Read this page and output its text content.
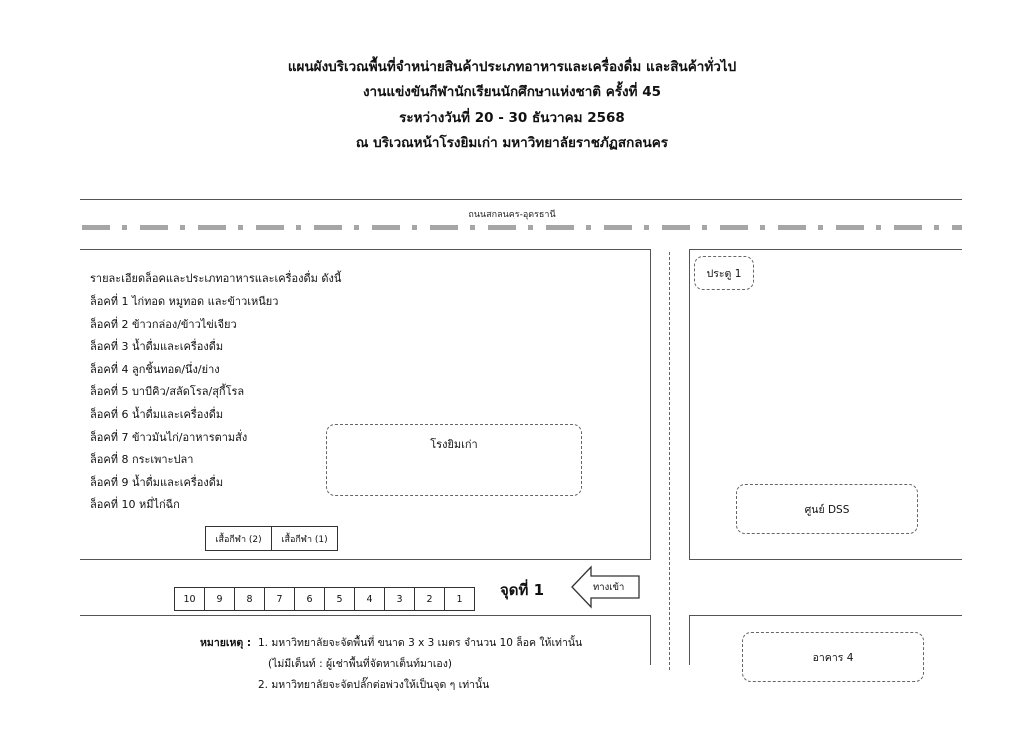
แผนผังบริเวณพื้นที่จำหน่ายสินค้าประเภทอาหารและเครื่องดื่ม และสินค้าทั่วไป
งานแข่งขันกีฬานักเรียนนักศึกษาแห่งชาติ ครั้งที่ 45
ระหว่างวันที่ 20 - 30 ธันวาคม 2568
ณ บริเวณหน้าโรงยิมเก่า มหาวิทยาลัยราชภัฏสกลนคร
ถนนสกลนคร-อุดรธานี
รายละเอียดล็อคและประเภทอาหารและเครื่องดื่ม ดังนี้
ล็อคที่ 1 ไก่ทอด หมูทอด และข้าวเหนียว
ล็อคที่ 2 ข้าวกล่อง/ข้าวไข่เจียว
ล็อคที่ 3 น้ำดื่มและเครื่องดื่ม
ล็อคที่ 4 ลูกชิ้นทอด/นึ่ง/ย่าง
ล็อคที่ 5 บาบีคิว/สลัดโรล/สุกี้โรล
ล็อคที่ 6 น้ำดื่มและเครื่องดื่ม
ล็อคที่ 7 ข้าวมันไก่/อาหารตามสั่ง
ล็อคที่ 8 กระเพาะปลา
ล็อคที่ 9 น้ำดื่มและเครื่องดื่ม
ล็อคที่ 10 หมี่ไก่ฉีก
โรงยิมเก่า
ประตู 1
ศูนย์ DSS
อาคาร 4
เสื้อกีฬา (2)	เสื้อกีฬา (1)
10	9	8	7	6	5	4	3	2	1	จุดที่ 1	ทางเข้า
หมายเหตุ : 1. มหาวิทยาลัยจะจัดพื้นที่ ขนาด 3 x 3 เมตร จำนวน 10 ล็อค ให้เท่านั้น
(ไม่มีเต็นท์ : ผู้เช่าพื้นที่จัดหาเต็นท์มาเอง)
2. มหาวิทยาลัยจะจัดปลั๊กต่อพ่วงให้เป็นจุด ๆ เท่านั้น
